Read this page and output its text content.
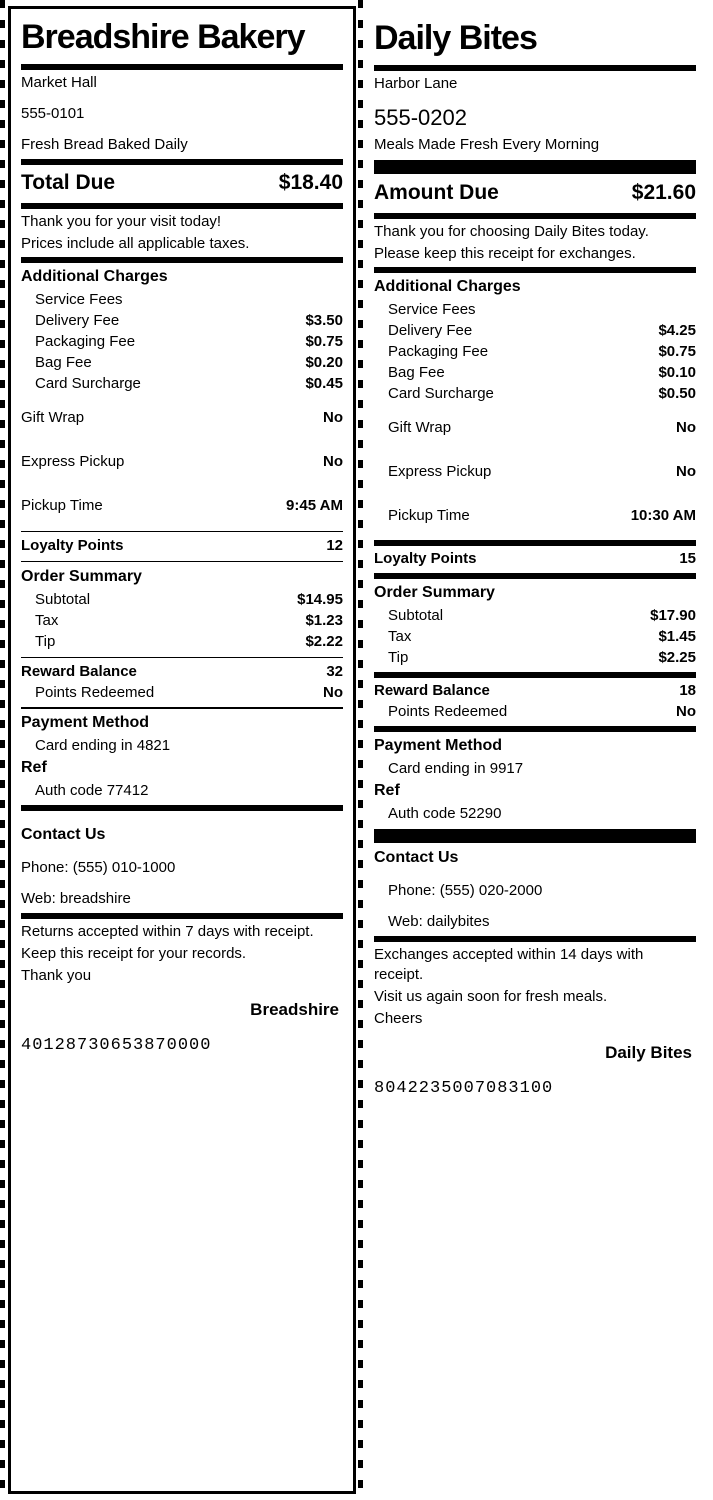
Breadshire Bakery
Market Hall
555-0101
Fresh Bread Baked Daily
Total Due	$18.40
Thank you for your visit today!
Prices include all applicable taxes.
Additional Charges
Service Fees
Delivery Fee	$3.50
Packaging Fee	$0.75
Bag Fee	$0.20
Card Surcharge	$0.45
Gift Wrap	No
Express Pickup	No
Pickup Time	9:45 AM
Loyalty Points	12
Order Summary
Subtotal	$14.95
Tax	$1.23
Tip	$2.22
Reward Balance	32
Points Redeemed	No
Payment Method
Card ending in 4821
Ref
Auth code 77412
Contact Us
Phone: (555) 010-1000
Web: breadshire
Returns accepted within 7 days with receipt.
Keep this receipt for your records.
Thank you
Breadshire
40128730653870000
Daily Bites
Harbor Lane
555-0202
Meals Made Fresh Every Morning
Amount Due	$21.60
Thank you for choosing Daily Bites today.
Please keep this receipt for exchanges.
Additional Charges
Service Fees
Delivery Fee	$4.25
Packaging Fee	$0.75
Bag Fee	$0.10
Card Surcharge	$0.50
Gift Wrap	No
Express Pickup	No
Pickup Time	10:30 AM
Loyalty Points	15
Order Summary
Subtotal	$17.90
Tax	$1.45
Tip	$2.25
Reward Balance	18
Points Redeemed	No
Payment Method
Card ending in 9917
Ref
Auth code 52290
Contact Us
Phone: (555) 020-2000
Web: dailybites
Exchanges accepted within 14 days with receipt.
Visit us again soon for fresh meals.
Cheers
Daily Bites
8042235007083100
